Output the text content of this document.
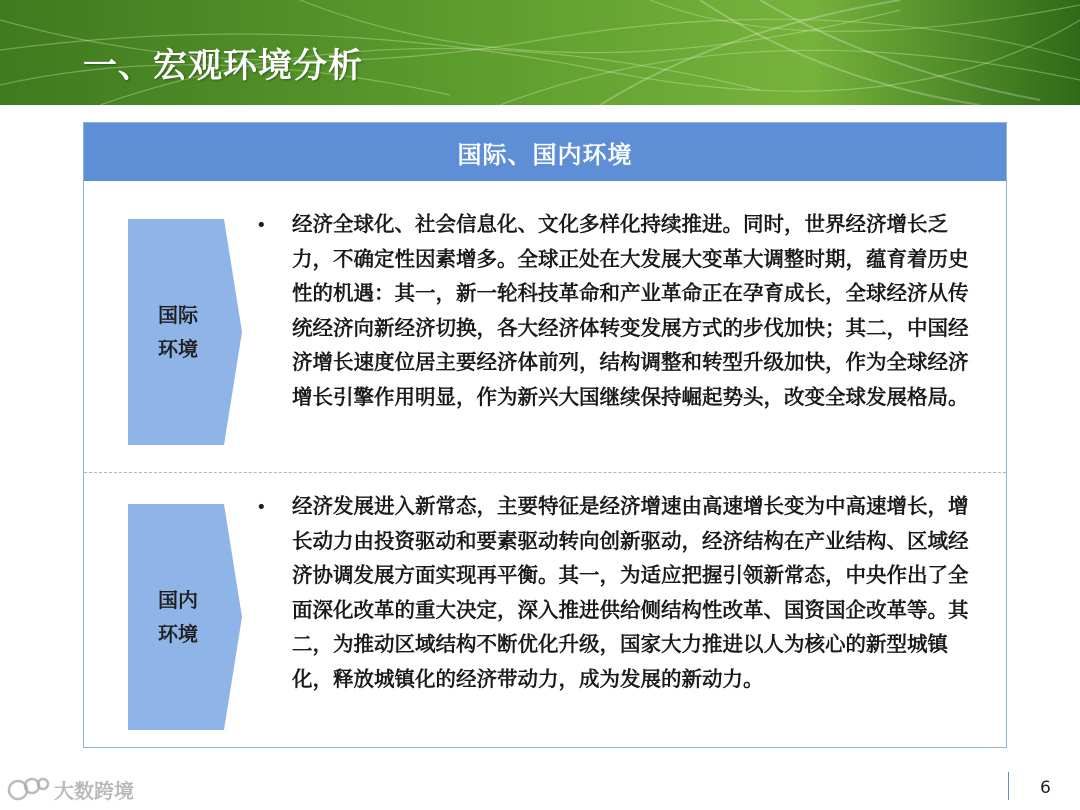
一、宏观环境分析
国际、国内环境
国际环境
• 经济全球化、社会信息化、文化多样化持续推进。同时，世界经济增长乏力，不确定性因素增多。全球正处在大发展大变革大调整时期，蕴育着历史性的机遇：其一，新一轮科技革命和产业革命正在孕育成长，全球经济从传统经济向新经济切换，各大经济体转变发展方式的步伐加快；其二，中国经济增长速度位居主要经济体前列，结构调整和转型升级加快，作为全球经济增长引擎作用明显，作为新兴大国继续保持崛起势头，改变全球发展格局。
国内环境
• 经济发展进入新常态，主要特征是经济增速由高速增长变为中高速增长，增长动力由投资驱动和要素驱动转向创新驱动，经济结构在产业结构、区域经济协调发展方面实现再平衡。其一，为适应把握引领新常态，中央作出了全面深化改革的重大决定，深入推进供给侧结构性改革、国资国企改革等。其二，为推动区域结构不断优化升级，国家大力推进以人为核心的新型城镇化，释放城镇化的经济带动力，成为发展的新动力。
大数跨境	6
